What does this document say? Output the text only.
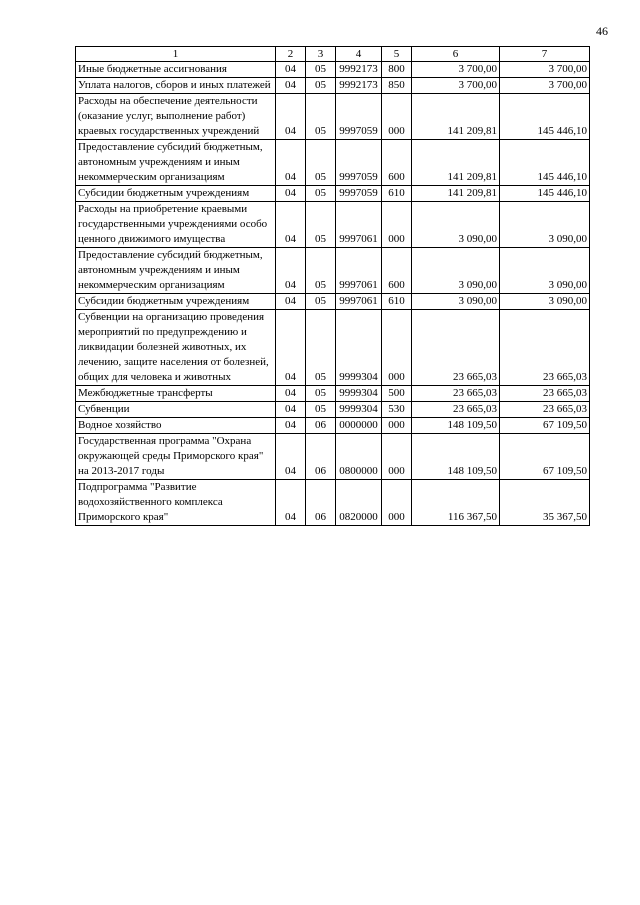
46
1	2	3	4	5	6	7
Иные бюджетные ассигнования	04	05	9992173	800	3 700,00	3 700,00
Уплата налогов, сборов и иных платежей	04	05	9992173	850	3 700,00	3 700,00
Расходы на обеспечение деятельности (оказание услуг, выполнение работ) краевых государственных учреждений	04	05	9997059	000	141 209,81	145 446,10
Предоставление субсидий бюджетным, автономным учреждениям и иным некоммерческим организациям	04	05	9997059	600	141 209,81	145 446,10
Субсидии бюджетным учреждениям	04	05	9997059	610	141 209,81	145 446,10
Расходы на приобретение краевыми государственными учреждениями особо ценного движимого имущества	04	05	9997061	000	3 090,00	3 090,00
Предоставление субсидий бюджетным, автономным учреждениям и иным некоммерческим организациям	04	05	9997061	600	3 090,00	3 090,00
Субсидии бюджетным учреждениям	04	05	9997061	610	3 090,00	3 090,00
Субвенции на организацию проведения мероприятий по предупреждению и ликвидации болезней животных, их лечению, защите населения от болезней, общих для человека и животных	04	05	9999304	000	23 665,03	23 665,03
Межбюджетные трансферты	04	05	9999304	500	23 665,03	23 665,03
Субвенции	04	05	9999304	530	23 665,03	23 665,03
Водное хозяйство	04	06	0000000	000	148 109,50	67 109,50
Государственная программа "Охрана окружающей среды Приморского края" на 2013-2017 годы	04	06	0800000	000	148 109,50	67 109,50
Подпрограмма "Развитие водохозяйственного комплекса Приморского края"	04	06	0820000	000	116 367,50	35 367,50
